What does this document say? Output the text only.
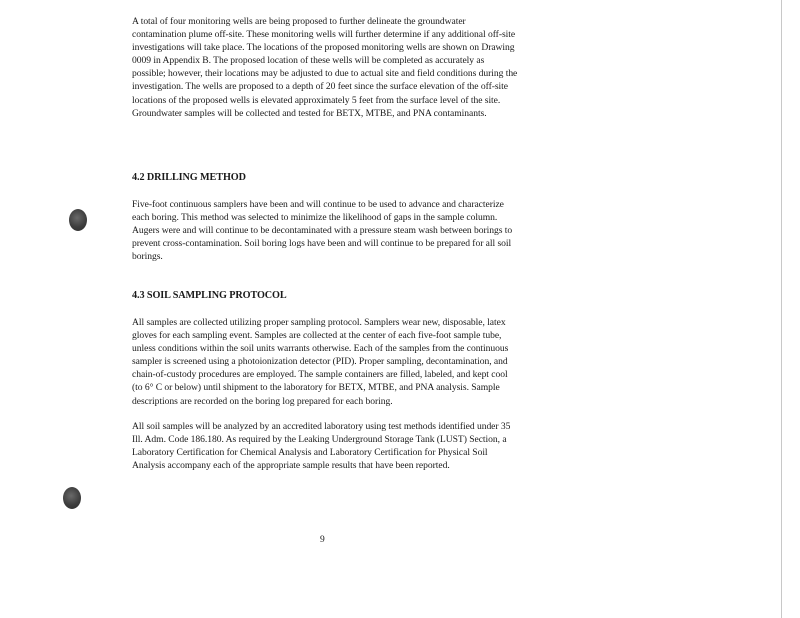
A total of four monitoring wells are being proposed to further delineate the groundwater contamination plume off-site. These monitoring wells will further determine if any additional off-site investigations will take place. The locations of the proposed monitoring wells are shown on Drawing 0009 in Appendix B. The proposed location of these wells will be completed as accurately as possible; however, their locations may be adjusted to due to actual site and field conditions during the investigation. The wells are proposed to a depth of 20 feet since the surface elevation of the off-site locations of the proposed wells is elevated approximately 5 feet from the surface level of the site. Groundwater samples will be collected and tested for BETX, MTBE, and PNA contaminants.

4.2 DRILLING METHOD

Five-foot continuous samplers have been and will continue to be used to advance and characterize each boring. This method was selected to minimize the likelihood of gaps in the sample column. Augers were and will continue to be decontaminated with a pressure steam wash between borings to prevent cross-contamination. Soil boring logs have been and will continue to be prepared for all soil borings.

4.3 SOIL SAMPLING PROTOCOL

All samples are collected utilizing proper sampling protocol. Samplers wear new, disposable, latex gloves for each sampling event. Samples are collected at the center of each five-foot sample tube, unless conditions within the soil units warrants otherwise. Each of the samples from the continuous sampler is screened using a photoionization detector (PID). Proper sampling, decontamination, and chain-of-custody procedures are employed. The sample containers are filled, labeled, and kept cool (to 6° C or below) until shipment to the laboratory for BETX, MTBE, and PNA analysis. Sample descriptions are recorded on the boring log prepared for each boring.

All soil samples will be analyzed by an accredited laboratory using test methods identified under 35 Ill. Adm. Code 186.180. As required by the Leaking Underground Storage Tank (LUST) Section, a Laboratory Certification for Chemical Analysis and Laboratory Certification for Physical Soil Analysis accompany each of the appropriate sample results that have been reported.

9
